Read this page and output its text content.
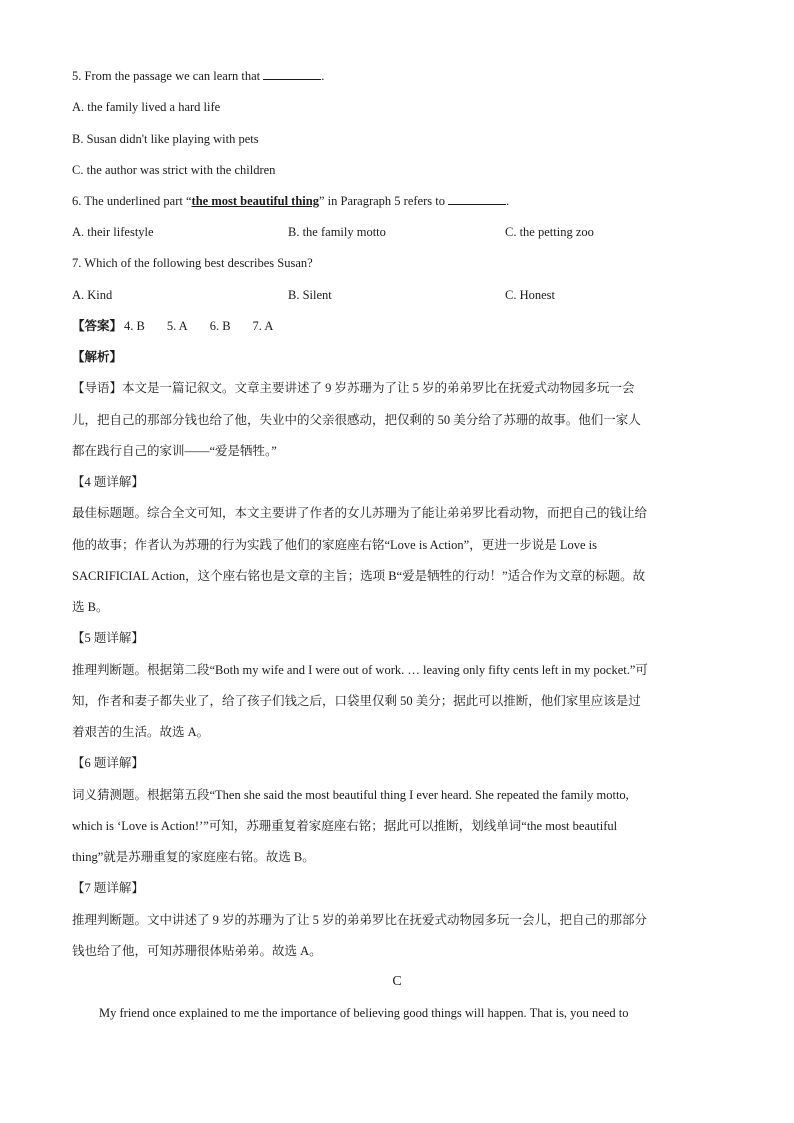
5. From the passage we can learn that	.
A. the family lived a hard life
B. Susan didn't like playing with pets
C. the author was strict with the children
6. The underlined part “the most beautiful thing” in Paragraph 5 refers to	.
A. their lifestyle	B. the family motto	C. the petting zoo
7. Which of the following best describes Susan?
A. Kind	B. Silent	C. Honest
【答案】 4. B 5. A 6. B 7. A
【解析】
【导语】本文是一篇记叙文。文章主要讲述了 9 岁苏珊为了让 5 岁的弟弟罗比在抚爱式动物园多玩一会
儿，把自己的那部分钱也给了他，失业中的父亲很感动，把仅剩的 50 美分给了苏珊的故事。他们一家人
都在践行自己的家训——“爱是牺牲。”
【4 题详解】
最佳标题题。综合全文可知，本文主要讲了作者的女儿苏珊为了能让弟弟罗比看动物，而把自己的钱让给
他的故事；作者认为苏珊的行为实践了他们的家庭座右铭“Love is Action”，更进一步说是 Love is
SACRIFICIAL Action，这个座右铭也是文章的主旨；选项 B“爱是牺牲的行动！”适合作为文章的标题。故
选 B。
【5 题详解】
推理判断题。根据第二段“Both my wife and I were out of work. … leaving only fifty cents left in my pocket.”可
知，作者和妻子都失业了，给了孩子们钱之后，口袋里仅剩 50 美分；据此可以推断，他们家里应该是过
着艰苦的生活。故选 A。
【6 题详解】
词义猜测题。根据第五段“Then she said the most beautiful thing I ever heard. She repeated the family motto,
which is ‘Love is Action!’”可知，苏珊重复着家庭座右铭；据此可以推断，划线单词“the most beautiful
thing”就是苏珊重复的家庭座右铭。故选 B。
【7 题详解】
推理判断题。文中讲述了 9 岁的苏珊为了让 5 岁的弟弟罗比在抚爱式动物园多玩一会儿，把自己的那部分
钱也给了他，可知苏珊很体贴弟弟。故选 A。
C
My friend once explained to me the importance of believing good things will happen. That is, you need to
